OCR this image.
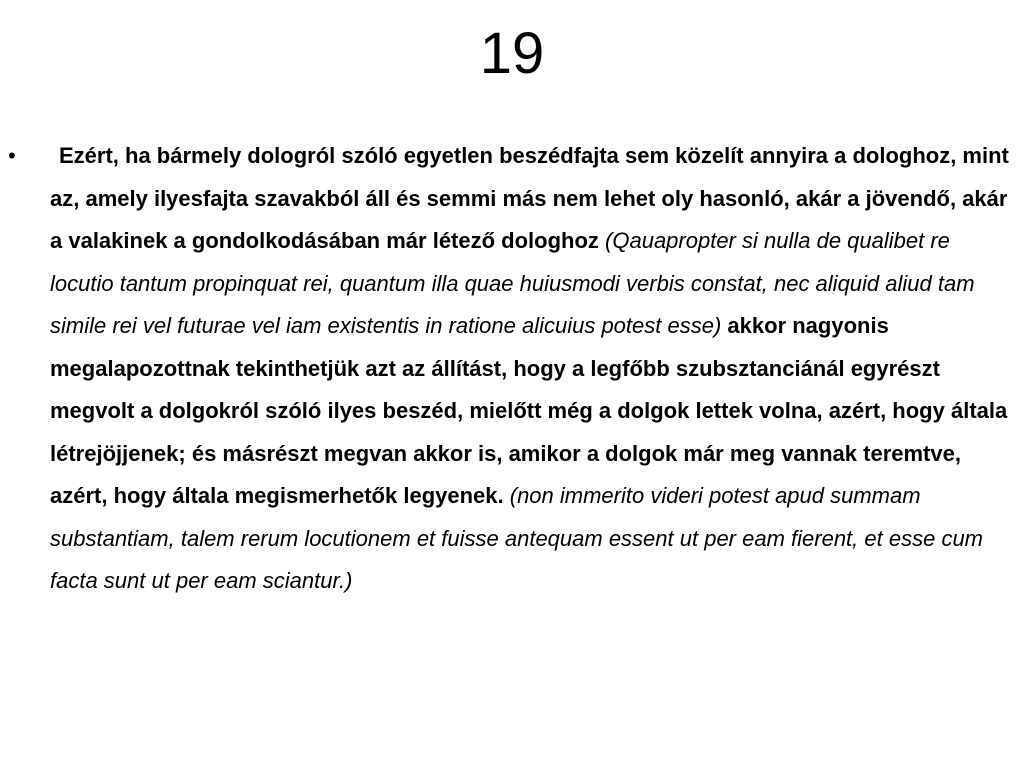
19
• Ezért, ha bármely dologról szóló egyetlen beszédfajta sem közelít annyira a dologhoz, mint az, amely ilyesfajta szavakból áll és semmi más nem lehet oly hasonló, akár a jövendő, akár a valakinek a gondolkodásában már létező dologhoz (Qauapropter si nulla de qualibet re locutio tantum propinquat rei, quantum illa quae huiusmodi verbis constat, nec aliquid aliud tam simile rei vel futurae vel iam existentis in ratione alicuius potest esse) akkor nagyonis megalapozottnak tekinthetjük azt az állítást, hogy a legfőbb szubsztanciánál egyrészt megvolt a dolgokról szóló ilyes beszéd, mielőtt még a dolgok lettek volna, azért, hogy általa létrejöjjenek; és másrészt megvan akkor is, amikor a dolgok már meg vannak teremtve, azért, hogy általa megismerhetők legyenek. (non immerito videri potest apud summam substantiam, talem rerum locutionem et fuisse antequam essent ut per eam fierent, et esse cum facta sunt ut per eam sciantur.)
